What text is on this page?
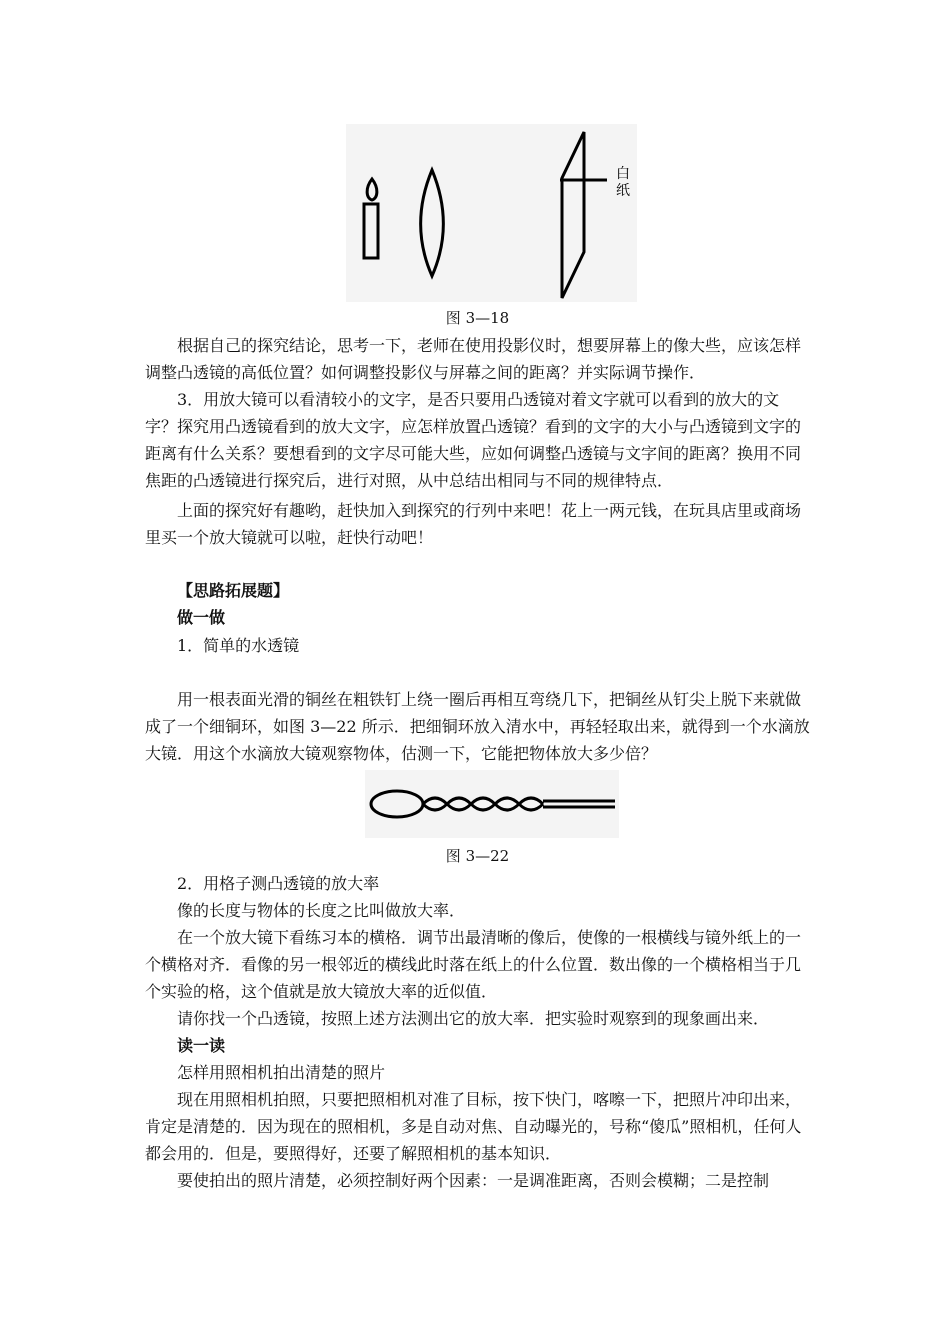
白
纸
图 3—18

根据自己的探究结论，思考一下，老师在使用投影仪时，想要屏幕上的像大些，应该怎样调整凸透镜的高低位置？如何调整投影仪与屏幕之间的距离？并实际调节操作．

3．用放大镜可以看清较小的文字，是否只要用凸透镜对着文字就可以看到的放大的文字？探究用凸透镜看到的放大文字，应怎样放置凸透镜？看到的文字的大小与凸透镜到文字的距离有什么关系？要想看到的文字尽可能大些，应如何调整凸透镜与文字间的距离？换用不同焦距的凸透镜进行探究后，进行对照，从中总结出相同与不同的规律特点．

上面的探究好有趣哟，赶快加入到探究的行列中来吧！花上一两元钱，在玩具店里或商场里买一个放大镜就可以啦，赶快行动吧！

【思路拓展题】
做一做
1．简单的水透镜

用一根表面光滑的铜丝在粗铁钉上绕一圈后再相互弯绕几下，把铜丝从钉尖上脱下来就做成了一个细铜环，如图 3—22 所示．把细铜环放入清水中，再轻轻取出来，就得到一个水滴放大镜．用这个水滴放大镜观察物体，估测一下，它能把物体放大多少倍？

图 3—22
2．用格子测凸透镜的放大率
像的长度与物体的长度之比叫做放大率．

在一个放大镜下看练习本的横格．调节出最清晰的像后，使像的一根横线与镜外纸上的一个横格对齐．看像的另一根邻近的横线此时落在纸上的什么位置．数出像的一个横格相当于几个实验的格，这个值就是放大镜放大率的近似值．

请你找一个凸透镜，按照上述方法测出它的放大率．把实验时观察到的现象画出来．
读一读
怎样用照相机拍出清楚的照片

现在用照相机拍照，只要把照相机对准了目标，按下快门，喀嚓一下，把照片冲印出来，肯定是清楚的．因为现在的照相机，多是自动对焦、自动曝光的，号称“傻瓜”照相机，任何人都会用的．但是，要照得好，还要了解照相机的基本知识．

要使拍出的照片清楚，必须控制好两个因素：一是调准距离，否则会模糊；二是控制
